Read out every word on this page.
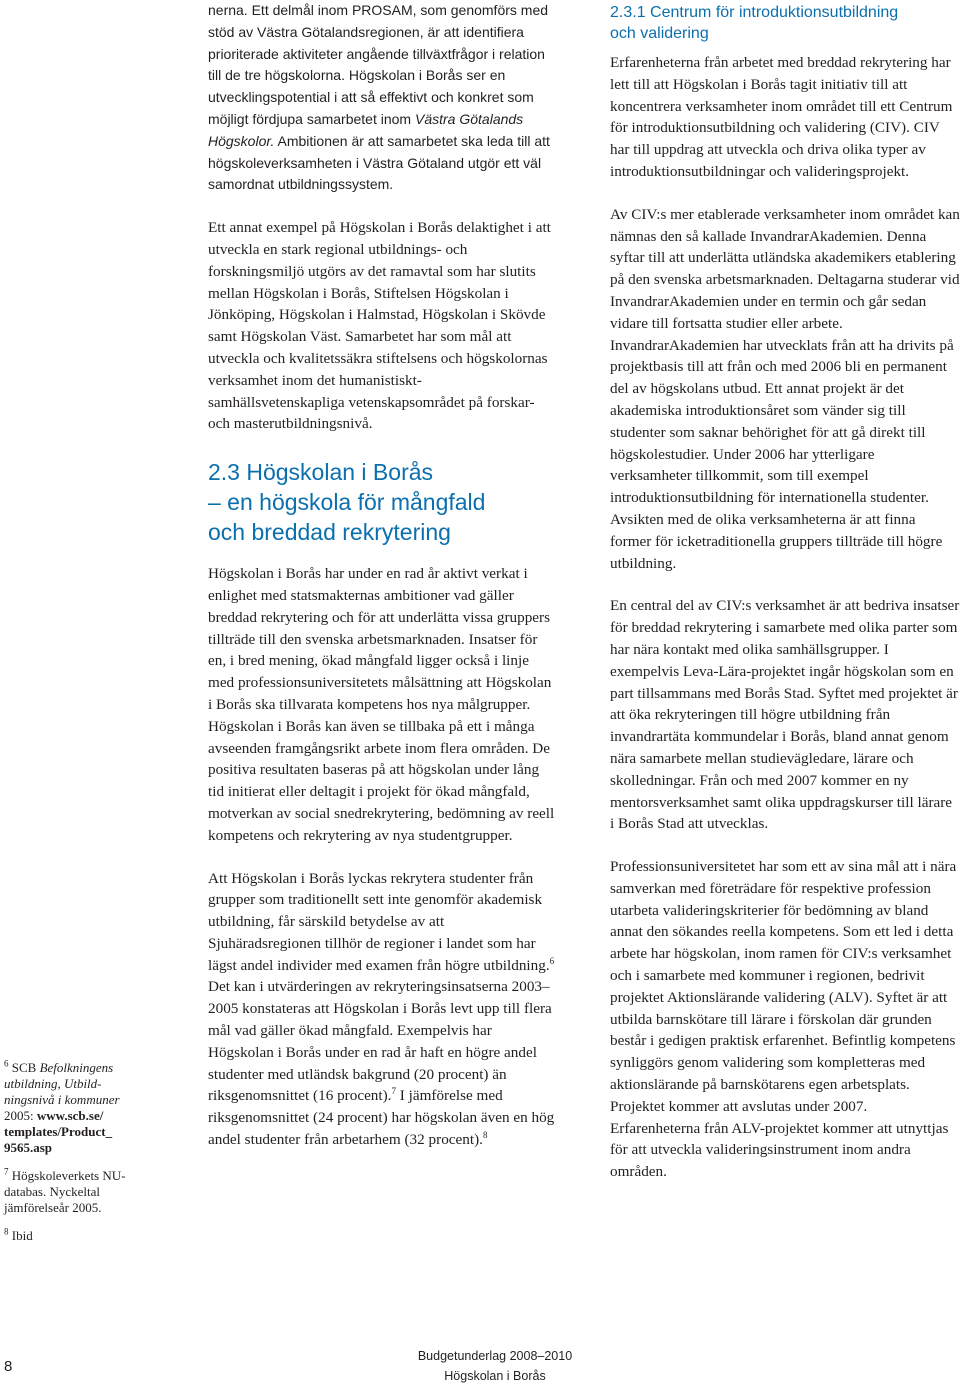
$^6$ SCB Befolkningens utbildning, Utbild-ningsnivå i kommuner 2005: www.scb.se/ templates/Product_ 9565.asp

$^7$ Högskoleverkets NU-databas. Nyckeltal jämförelseår 2005.

$^8$ Ibid

nerna. Ett delmål inom PROSAM, som genomförs med stöd av Västra Götalandsregionen, är att identifiera prioriterade aktiviteter angående tillväxtfrågor i relation till de tre högskolorna. Högskolan i Borås ser en utvecklingspotential i att så effektivt och konkret som möjligt fördjupa samarbetet inom Västra Götalands Högskolor. Ambitionen är att samarbetet ska leda till att högskoleverksamheten i Västra Götaland utgör ett väl samordnat utbildningssystem.

Ett annat exempel på Högskolan i Borås delaktighet i att utveckla en stark regional utbildnings- och forskningsmiljö utgörs av det ramavtal som har slutits mellan Högskolan i Borås, Stiftelsen Högskolan i Jönköping, Högskolan i Halmstad, Högskolan i Skövde samt Högskolan Väst. Samarbetet har som mål att utveckla och kvalitetssäkra stiftelsens och högskolornas verksamhet inom det humanistiskt-samhällsvetenskapliga vetenskapsområdet på forskar- och masterutbildningsnivå.

2.3 Högskolan i Borås
– en högskola för mångfald
och breddad rekrytering

Högskolan i Borås har under en rad år aktivt verkat i enlighet med statsmakternas ambitioner vad gäller breddad rekrytering och för att underlätta vissa gruppers tillträde till den svenska arbetsmarknaden. Insatser för en, i bred mening, ökad mångfald ligger också i linje med professionsuniversitetets målsättning att Högskolan i Borås ska tillvarata kompetens hos nya målgrupper. Högskolan i Borås kan även se tillbaka på ett i många avseenden framgångsrikt arbete inom flera områden. De positiva resultaten baseras på att högskolan under lång tid initierat eller deltagit i projekt för ökad mångfald, motverkan av social snedrekrytering, bedömning av reell kompetens och rekrytering av nya studentgrupper.

Att Högskolan i Borås lyckas rekrytera studenter från grupper som traditionellt sett inte genomför akademisk utbildning, får särskild betydelse av att Sjuhäradsregionen tillhör de regioner i landet som har lägst andel individer med examen från högre utbildning.$^6$ Det kan i utvärderingen av rekryteringsinsatserna 2003–2005 konstateras att Högskolan i Borås levt upp till flera mål vad gäller ökad mångfald. Exempelvis har Högskolan i Borås under en rad år haft en högre andel studenter med utländsk bakgrund (20 procent) än riksgenomsnittet (16 procent).$^7$ I jämförelse med riksgenomsnittet (24 procent) har högskolan även en hög andel studenter från arbetarhem (32 procent).$^8$

2.3.1 Centrum för introduktionsutbildning
och validering

Erfarenheterna från arbetet med breddad rekrytering har lett till att Högskolan i Borås tagit initiativ till att koncentrera verksamheter inom området till ett Centrum för introduktionsutbildning och validering (CIV). CIV har till uppdrag att utveckla och driva olika typer av introduktionsutbildningar och valideringsprojekt.

Av CIV:s mer etablerade verksamheter inom området kan nämnas den så kallade InvandrarAkademien. Denna syftar till att underlätta utländska akademikers etablering på den svenska arbetsmarknaden. Deltagarna studerar vid InvandrarAkademien under en termin och går sedan vidare till fortsatta studier eller arbete. InvandrarAkademien har utvecklats från att ha drivits på projektbasis till att från och med 2006 bli en permanent del av högskolans utbud. Ett annat projekt är det akademiska introduktionsåret som vänder sig till studenter som saknar behörighet för att gå direkt till högskolestudier. Under 2006 har ytterligare verksamheter tillkommit, som till exempel introduktionsutbildning för internationella studenter. Avsikten med de olika verksamheterna är att finna former för icketraditionella gruppers tillträde till högre utbildning.

En central del av CIV:s verksamhet är att bedriva insatser för breddad rekrytering i samarbete med olika parter som har nära kontakt med olika samhällsgrupper. I exempelvis Leva-Lära-projektet ingår högskolan som en part tillsammans med Borås Stad. Syftet med projektet är att öka rekryteringen till högre utbildning från invandrartäta kommundelar i Borås, bland annat genom nära samarbete mellan studievägledare, lärare och skolledningar. Från och med 2007 kommer en ny mentorsverksamhet samt olika uppdragskurser till lärare i Borås Stad att utvecklas.

Professionsuniversitetet har som ett av sina mål att i nära samverkan med företrädare för respektive profession utarbeta valideringskriterier för bedömning av bland annat den sökandes reella kompetens. Som ett led i detta arbete har högskolan, inom ramen för CIV:s verksamhet och i samarbete med kommuner i regionen, bedrivit projektet Aktionslärande validering (ALV). Syftet är att utbilda barnskötare till lärare i förskolan där grunden består i gedigen praktisk erfarenhet. Befintlig kompetens synliggörs genom validering som kompletteras med aktionslärande på barnskötarens egen arbetsplats. Projektet kommer att avslutas under 2007. Erfarenheterna från ALV-projektet kommer att utnyttjas för att utveckla valideringsinstrument inom andra områden.

8
Budgetunderlag 2008–2010
Högskolan i Borås
